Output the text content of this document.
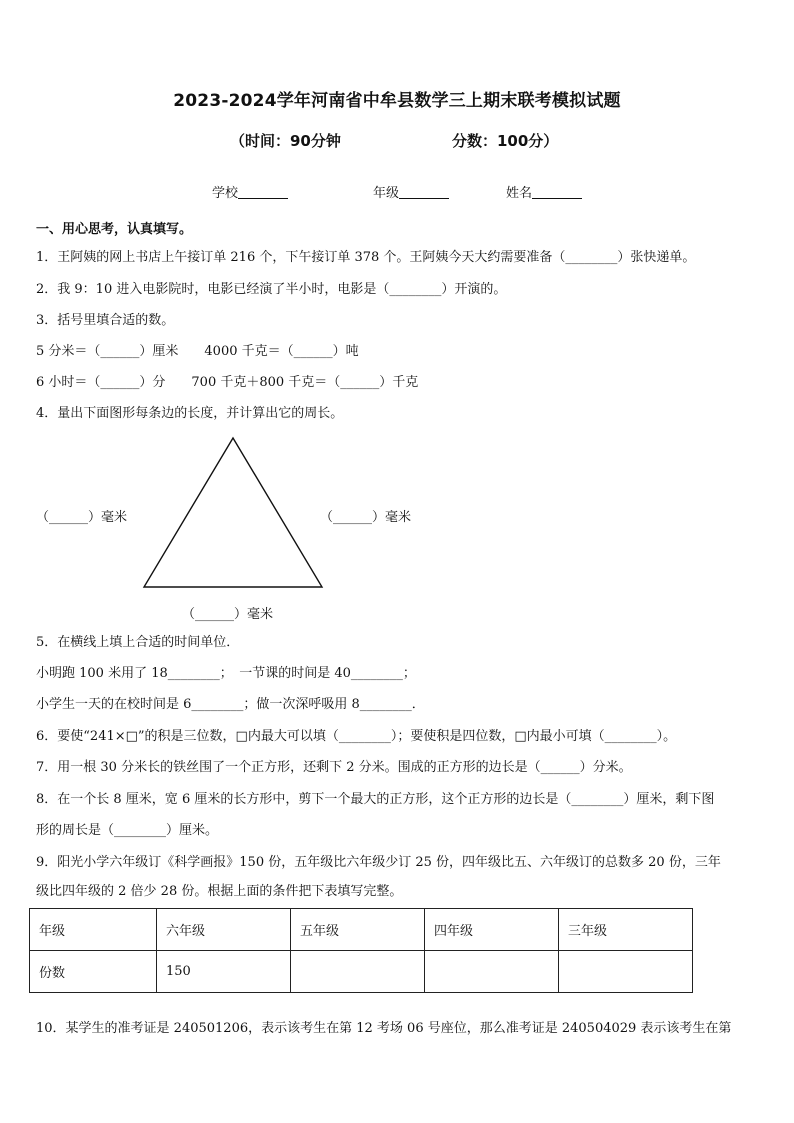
2023-2024学年河南省中牟县数学三上期末联考模拟试题
（时间：90分钟	分数：100分）
学校	年级	姓名
一、用心思考，认真填写。
1．王阿姨的网上书店上午接订单 216 个，下午接订单 378 个。王阿姨今天大约需要准备（________）张快递单。
2．我 9：10 进入电影院时，电影已经演了半小时，电影是（________）开演的。
3．括号里填合适的数。
5 分米＝（______）厘米　　4000 千克＝（______）吨
6 小时＝（______）分　　700 千克＋800 千克＝（______）千克
4．量出下面图形每条边的长度，并计算出它的周长。
（______）毫米	（______）毫米
（______）毫米
5．在横线上填上合适的时间单位．
小明跑 100 米用了 18________；　一节课的时间是 40________；
小学生一天的在校时间是 6________；做一次深呼吸用 8________．
6．要使“241×□”的积是三位数，□内最大可以填（________）；要使积是四位数，□内最小可填（________）。
7．用一根 30 分米长的铁丝围了一个正方形，还剩下 2 分米。围成的正方形的边长是（______）分米。
8．在一个长 8 厘米，宽 6 厘米的长方形中，剪下一个最大的正方形，这个正方形的边长是（________）厘米，剩下图
形的周长是（________）厘米。
9．阳光小学六年级订《科学画报》150 份，五年级比六年级少订 25 份，四年级比五、六年级订的总数多 20 份，三年
级比四年级的 2 倍少 28 份。根据上面的条件把下表填写完整。
年级	六年级	五年级	四年级	三年级
份数	150			
10．某学生的准考证是 240501206，表示该考生在第 12 考场 06 号座位，那么准考证是 240504029 表示该考生在第
